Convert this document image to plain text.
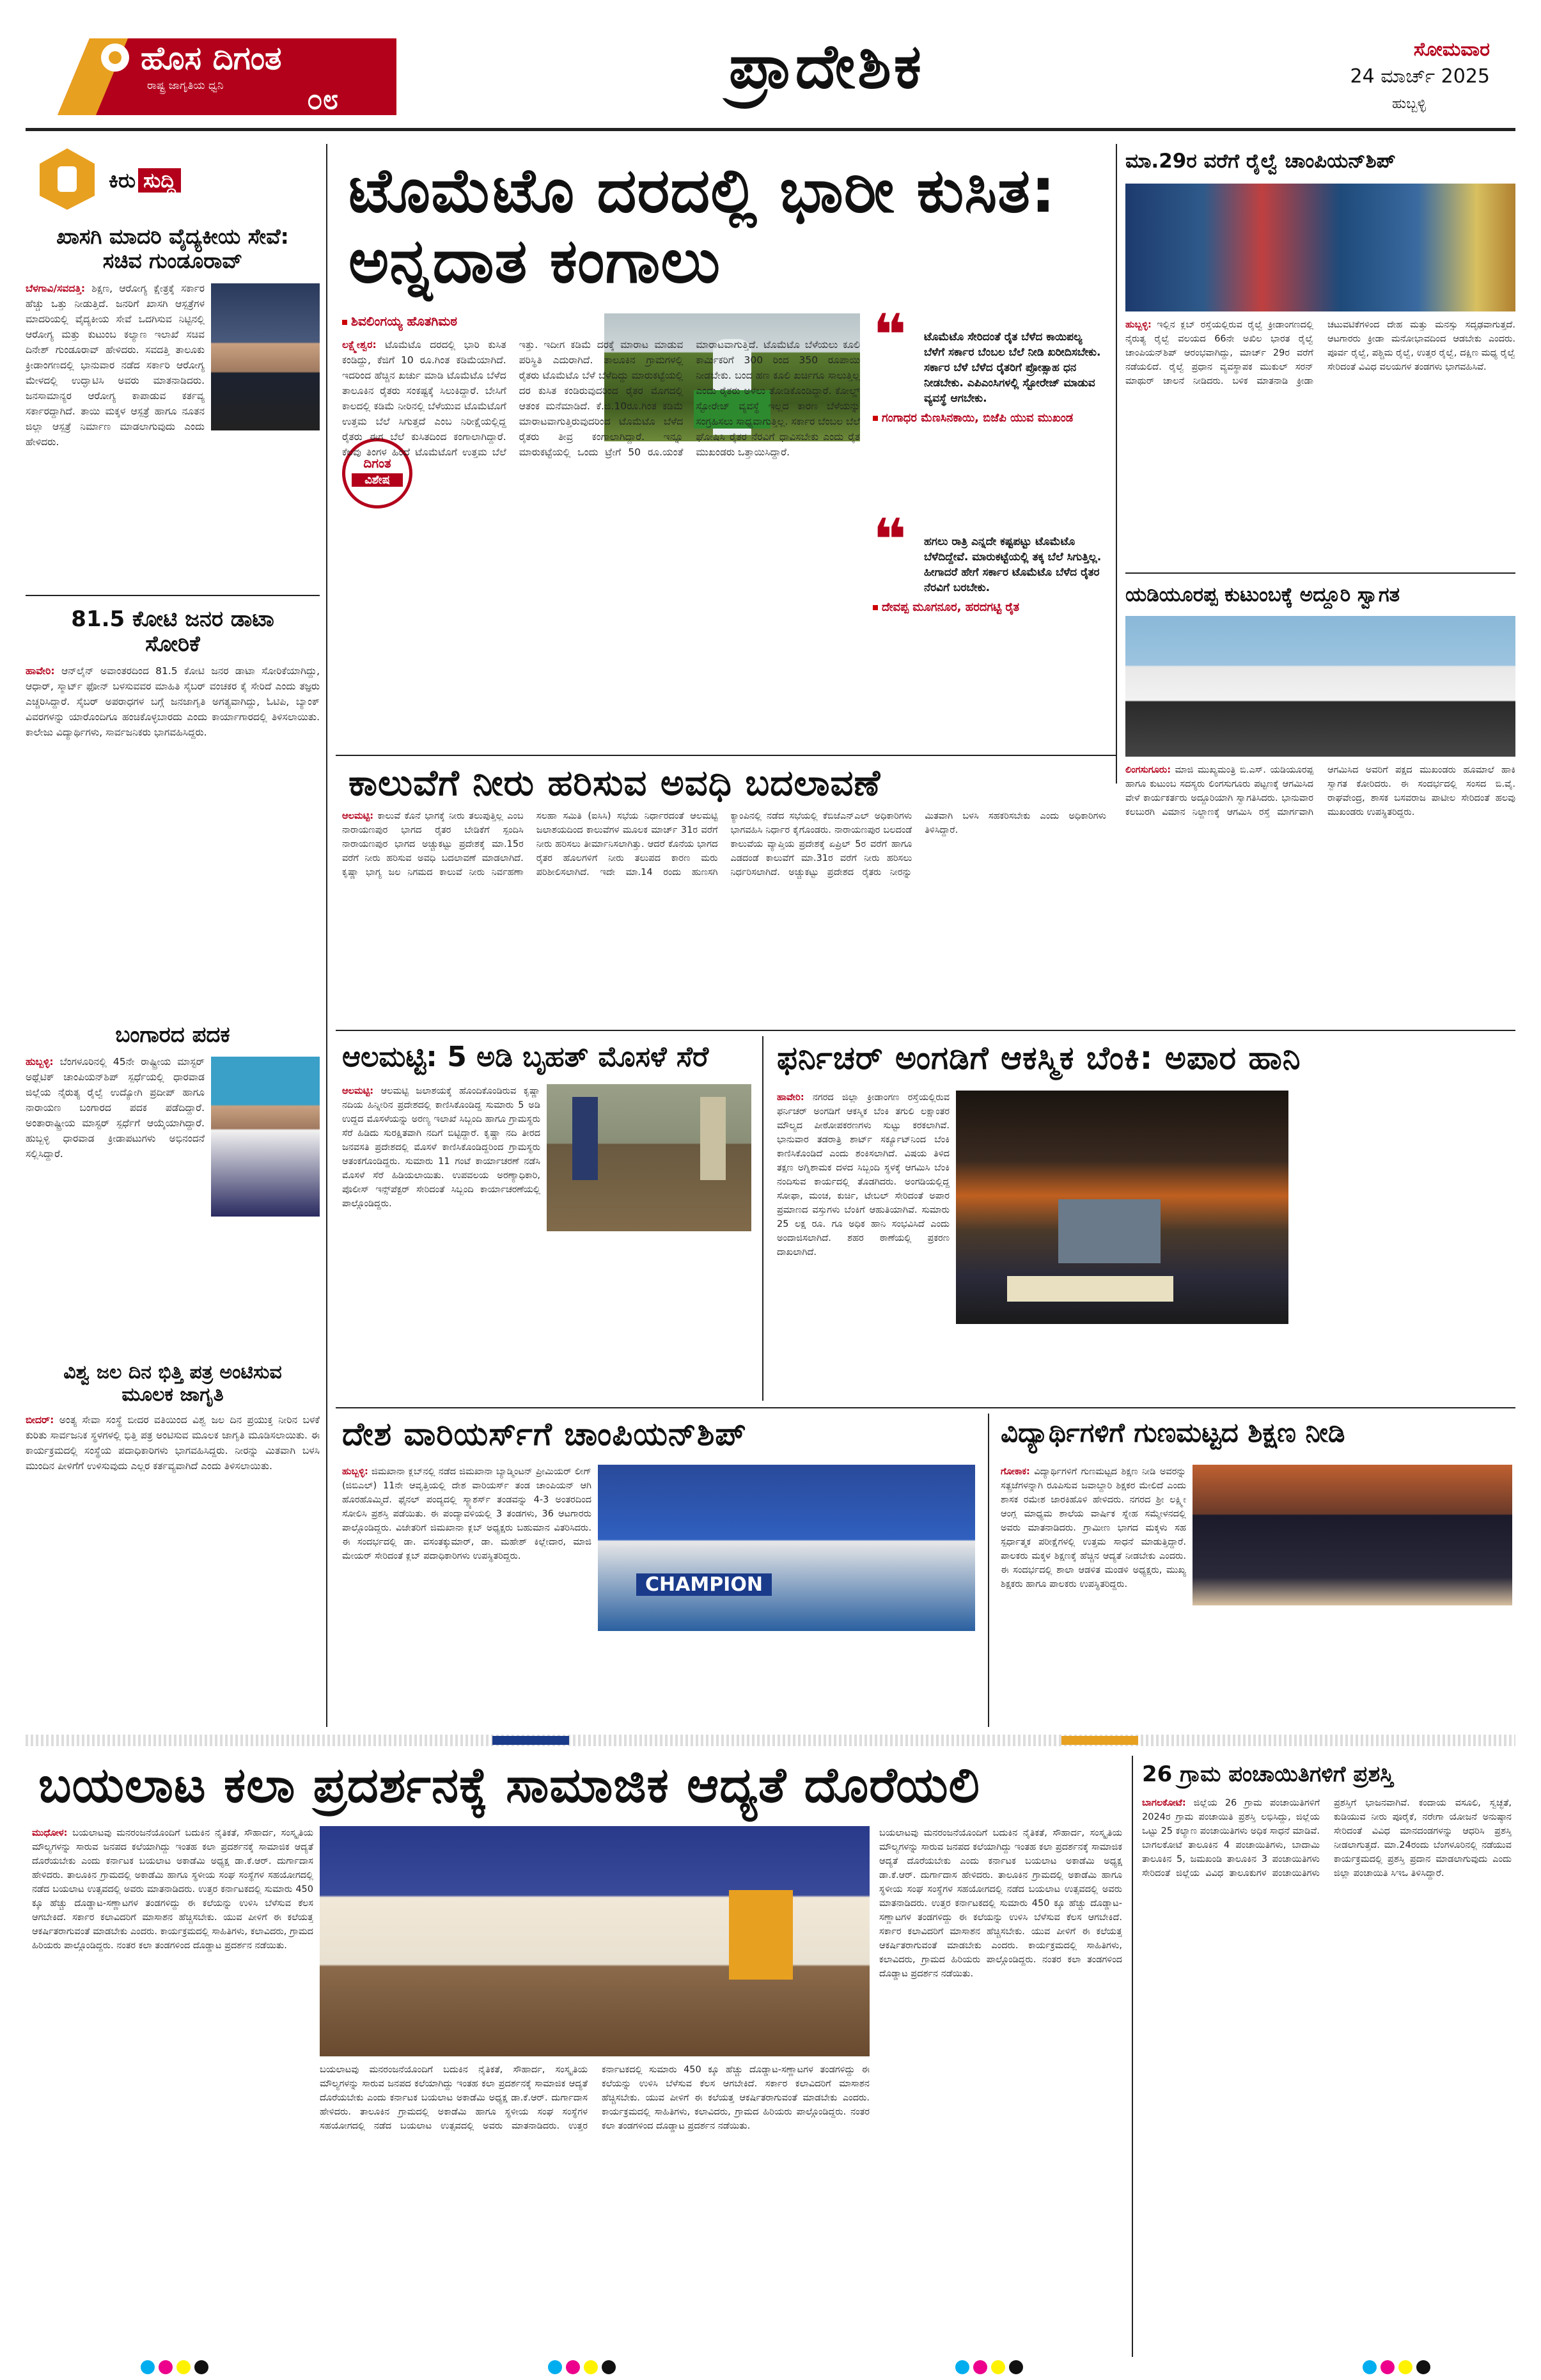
ಹೊಸ ದಿಗಂತ
ರಾಷ್ಟ್ರ ಜಾಗೃತಿಯ ಧ್ವನಿ	೦೮	ಪ್ರಾದೇಶಿಕ	ಸೋಮವಾರ
24 ಮಾರ್ಚ್ 2025
ಹುಬ್ಬಳ್ಳಿ
ಕಿರು ಸುದ್ದಿ
ಖಾಸಗಿ ಮಾದರಿ ವೈದ್ಯಕೀಯ ಸೇವೆ: ಸಚಿವ ಗುಂಡೂರಾವ್
ಬೆಳಗಾವಿ/ಸವದತ್ತಿ: ಶಿಕ್ಷಣ, ಆರೋಗ್ಯ ಕ್ಷೇತ್ರಕ್ಕೆ ಸರ್ಕಾರ ಹೆಚ್ಚು ಒತ್ತು ನೀಡುತ್ತಿದೆ. ಜನರಿಗೆ ಖಾಸಗಿ ಆಸ್ಪತ್ರೆಗಳ ಮಾದರಿಯಲ್ಲಿ ವೈದ್ಯಕೀಯ ಸೇವೆ ಒದಗಿಸುವ ನಿಟ್ಟಿನಲ್ಲಿ ಆರೋಗ್ಯ ಮತ್ತು ಕುಟುಂಬ ಕಲ್ಯಾಣ ಇಲಾಖೆ ಸಚಿವ ದಿನೇಶ್ ಗುಂಡೂರಾವ್ ಹೇಳಿದರು. ಸವದತ್ತಿ ತಾಲೂಕು ಕ್ರೀಡಾಂಗಣದಲ್ಲಿ ಭಾನುವಾರ ನಡೆದ ಸರ್ಕಾರಿ ಆರೋಗ್ಯ ಮೇಳದಲ್ಲಿ ಉದ್ಘಾಟಿಸಿ ಅವರು ಮಾತನಾಡಿದರು. ಜನಸಾಮಾನ್ಯರ ಆರೋಗ್ಯ ಕಾಪಾಡುವ ಕರ್ತವ್ಯ ಸರ್ಕಾರದ್ದಾಗಿದೆ. ತಾಯಿ ಮಕ್ಕಳ ಆಸ್ಪತ್ರೆ ಹಾಗೂ ನೂತನ ಜಿಲ್ಲಾ ಆಸ್ಪತ್ರೆ ನಿರ್ಮಾಣ ಮಾಡಲಾಗುವುದು ಎಂದು ಹೇಳಿದರು.
81.5 ಕೋಟಿ ಜನರ ಡಾಟಾ ಸೋರಿಕೆ
ಹಾವೇರಿ: ಆನ್‌ಲೈನ್ ಅವಾಂತರದಿಂದ 81.5 ಕೋಟಿ ಜನರ ಡಾಟಾ ಸೋರಿಕೆಯಾಗಿದ್ದು, ಆಧಾರ್, ಸ್ಮಾರ್ಟ್ ಫೋನ್ ಬಳಸುವವರ ಮಾಹಿತಿ ಸೈಬರ್ ವಂಚಕರ ಕೈ ಸೇರಿದೆ ಎಂದು ತಜ್ಞರು ಎಚ್ಚರಿಸಿದ್ದಾರೆ. ಸೈಬರ್ ಅಪರಾಧಗಳ ಬಗ್ಗೆ ಜನಜಾಗೃತಿ ಅಗತ್ಯವಾಗಿದ್ದು, ಓಟಿಪಿ, ಬ್ಯಾಂಕ್ ವಿವರಗಳನ್ನು ಯಾರೊಂದಿಗೂ ಹಂಚಿಕೊಳ್ಳಬಾರದು ಎಂದು ಕಾರ್ಯಾಗಾರದಲ್ಲಿ ತಿಳಿಸಲಾಯಿತು. ಕಾಲೇಜು ವಿದ್ಯಾರ್ಥಿಗಳು, ಸಾರ್ವಜನಿಕರು ಭಾಗವಹಿಸಿದ್ದರು.
ಬಂಗಾರದ ಪದಕ
ಹುಬ್ಬಳ್ಳಿ: ಬೆಂಗಳೂರಿನಲ್ಲಿ 45ನೇ ರಾಷ್ಟ್ರೀಯ ಮಾಸ್ಟರ್ ಅಥ್ಲೆಟಿಕ್ ಚಾಂಪಿಯನ್‌ಶಿಪ್ ಸ್ಪರ್ಧೆಯಲ್ಲಿ ಧಾರವಾಡ ಜಿಲ್ಲೆಯ ನೈರುತ್ಯ ರೈಲ್ವೆ ಉದ್ಯೋಗಿ ಪ್ರದೀಪ್ ಹಾಗೂ ನಾರಾಯಣ ಬಂಗಾರದ ಪದಕ ಪಡೆದಿದ್ದಾರೆ. ಅಂತಾರಾಷ್ಟ್ರೀಯ ಮಾಸ್ಟರ್ ಸ್ಪರ್ಧೆಗೆ ಆಯ್ಕೆಯಾಗಿದ್ದಾರೆ. ಹುಬ್ಬಳ್ಳಿ ಧಾರವಾಡ ಕ್ರೀಡಾಪಟುಗಳು ಅಭಿನಂದನೆ ಸಲ್ಲಿಸಿದ್ದಾರೆ.
ವಿಶ್ವ ಜಲ ದಿನ ಭಿತ್ತಿ ಪತ್ರ ಅಂಟಿಸುವ ಮೂಲಕ ಜಾಗೃತಿ
ಬೀದರ್: ಅಂತ್ಯ ಸೇವಾ ಸಂಸ್ಥೆ ಬೀದರ ವತಿಯಿಂದ ವಿಶ್ವ ಜಲ ದಿನ ಪ್ರಯುಕ್ತ ನೀರಿನ ಬಳಕೆ ಕುರಿತು ಸಾರ್ವಜನಿಕ ಸ್ಥಳಗಳಲ್ಲಿ ಭಿತ್ತಿ ಪತ್ರ ಅಂಟಿಸುವ ಮೂಲಕ ಜಾಗೃತಿ ಮೂಡಿಸಲಾಯಿತು. ಈ ಕಾರ್ಯಕ್ರಮದಲ್ಲಿ ಸಂಸ್ಥೆಯ ಪದಾಧಿಕಾರಿಗಳು ಭಾಗವಹಿಸಿದ್ದರು. ನೀರನ್ನು ಮಿತವಾಗಿ ಬಳಸಿ ಮುಂದಿನ ಪೀಳಿಗೆಗೆ ಉಳಿಸುವುದು ಎಲ್ಲರ ಕರ್ತವ್ಯವಾಗಿದೆ ಎಂದು ತಿಳಿಸಲಾಯಿತು.
ಟೊಮೆಟೊ ದರದಲ್ಲಿ ಭಾರೀ ಕುಸಿತ: ಅನ್ನದಾತ ಕಂಗಾಲು
ಶಿವಲಿಂಗಯ್ಯ ಹೊತಗಿಮಠ
ದಿಗಂತ
ವಿಶೇಷ
ಲಕ್ಷ್ಮೇಶ್ವರ: ಟೊಮೆಟೊ ದರದಲ್ಲಿ ಭಾರಿ ಕುಸಿತ ಕಂಡಿದ್ದು, ಕೆಜಿಗೆ 10 ರೂ.ಗಿಂತ ಕಡಿಮೆಯಾಗಿದೆ. ಇದರಿಂದ ಹೆಚ್ಚಿನ ಖರ್ಚು ಮಾಡಿ ಟೊಮೆಟೊ ಬೆಳೆದ ತಾಲೂಕಿನ ರೈತರು ಸಂಕಷ್ಟಕ್ಕೆ ಸಿಲುಕಿದ್ದಾರೆ. ಬೇಸಿಗೆ ಕಾಲದಲ್ಲಿ ಕಡಿಮೆ ನೀರಿನಲ್ಲಿ ಬೆಳೆಯುವ ಟೊಮೆಟೊಗೆ ಉತ್ತಮ ಬೆಲೆ ಸಿಗುತ್ತದೆ ಎಂಬ ನಿರೀಕ್ಷೆಯಲ್ಲಿದ್ದ ರೈತರು ಈಗ ಬೆಲೆ ಕುಸಿತದಿಂದ ಕಂಗಾಲಾಗಿದ್ದಾರೆ. ಕೆಲವು ತಿಂಗಳ ಹಿಂದೆ ಟೊಮೆಟೊಗೆ ಉತ್ತಮ ಬೆಲೆ ಇತ್ತು. ಇದೀಗ ಕಡಿಮೆ ದರಕ್ಕೆ ಮಾರಾಟ ಮಾಡುವ ಪರಿಸ್ಥಿತಿ ಎದುರಾಗಿದೆ. ತಾಲೂಕಿನ ಗ್ರಾಮಗಳಲ್ಲಿ ರೈತರು ಟೊಮೆಟೊ ಬೆಳೆ ಬೆಳೆದಿದ್ದು ಮಾರುಕಟ್ಟೆಯಲ್ಲಿ ದರ ಕುಸಿತ ಕಂಡಿರುವುದರಿಂದ ರೈತರ ಮೊಗದಲ್ಲಿ ಆತಂಕ ಮನೆಮಾಡಿದೆ. ಕೆ.ಜಿ.10ರೂ.ಗಿಂತ ಕಡಿಮೆ ಮಾರಾಟವಾಗುತ್ತಿರುವುದರಿಂದ ಟೊಮೆಟೊ ಬೆಳೆದ ರೈತರು ತೀವ್ರ ಕಂಗಾಲಾಗಿದ್ದಾರೆ. ಇನ್ನೂ ಮಾರುಕಟ್ಟೆಯಲ್ಲಿ ಒಂದು ಟ್ರೇಗೆ 50 ರೂ.ಯಂತೆ ಮಾರಾಟವಾಗುತ್ತಿದೆ. ಟೊಮೆಟೊ ಬೆಳೆಯಲು ಕೂಲಿ ಕಾರ್ಮಿಕರಿಗೆ 300 ರಿಂದ 350 ರೂಪಾಯಿ ನೀಡಬೇಕು. ಬಂದ ಹಣ ಕೂಲಿ ಖರ್ಚಿಗೂ ಸಾಲುತ್ತಿಲ್ಲ ಎಂದು ರೈತರು ಅಳಲು ತೋಡಿಕೊಂಡಿದ್ದಾರೆ. ಕೋಲ್ಡ್ ಸ್ಟೋರೇಜ್ ವ್ಯವಸ್ಥೆ ಇಲ್ಲದ ಕಾರಣ ಬೆಳೆಯನ್ನು ಸಂಗ್ರಹಿಸಲು ಸಾಧ್ಯವಾಗುತ್ತಿಲ್ಲ. ಸರ್ಕಾರ ಬೆಂಬಲ ಬೆಲೆ ಘೋಷಿಸಿ ರೈತರ ನೆರವಿಗೆ ಧಾವಿಸಬೇಕು ಎಂದು ರೈತ ಮುಖಂಡರು ಒತ್ತಾಯಿಸಿದ್ದಾರೆ.
❝	ಟೊಮೆಟೊ ಸೇರಿದಂತೆ ರೈತ ಬೆಳೆದ ಕಾಯಿಪಲ್ಯ ಬೆಳೆಗೆ ಸರ್ಕಾರ ಬೆಂಬಲ ಬೆಲೆ ನೀಡಿ ಖರೀದಿಸಬೇಕು. ಸರ್ಕಾರ ಬೆಳೆ ಬೆಳೆದ ರೈತರಿಗೆ ಪ್ರೋತ್ಸಾಹ ಧನ ನೀಡಬೇಕು. ಎಪಿಎಂಸಿಗಳಲ್ಲಿ ಸ್ಟೋರೇಜ್ ಮಾಡುವ ವ್ಯವಸ್ಥೆ ಆಗಬೇಕು.
ಗಂಗಾಧರ ಮೆಣಸಿನಕಾಯಿ, ಬಿಜೆಪಿ ಯುವ ಮುಖಂಡ
❝	ಹಗಲು ರಾತ್ರಿ ಎನ್ನದೇ ಕಷ್ಟಪಟ್ಟು ಟೊಮೆಟೊ ಬೆಳೆದಿದ್ದೇವೆ. ಮಾರುಕಟ್ಟೆಯಲ್ಲಿ ತಕ್ಕ ಬೆಲೆ ಸಿಗುತ್ತಿಲ್ಲ. ಹೀಗಾದರೆ ಹೇಗೆ ಸರ್ಕಾರ ಟೊಮೆಟೊ ಬೆಳೆದ ರೈತರ ನೆರವಿಗೆ ಬರಬೇಕು.
ದೇವಪ್ಪ ಮೂಗನೂರ, ಹರದಗಟ್ಟಿ ರೈತ
ಮಾ.29ರ ವರೆಗೆ ರೈಲ್ವೆ ಚಾಂಪಿಯನ್‌ಶಿಪ್
ಹುಬ್ಬಳ್ಳಿ: ಇಲ್ಲಿನ ಕ್ಲಬ್ ರಸ್ತೆಯಲ್ಲಿರುವ ರೈಲ್ವೆ ಕ್ರೀಡಾಂಗಣದಲ್ಲಿ ನೈರುತ್ಯ ರೈಲ್ವೆ ವಲಯದ 66ನೇ ಅಖಿಲ ಭಾರತ ರೈಲ್ವೆ ಚಾಂಪಿಯನ್‌ಶಿಪ್ ಆರಂಭವಾಗಿದ್ದು, ಮಾರ್ಚ್ 29ರ ವರೆಗೆ ನಡೆಯಲಿದೆ. ರೈಲ್ವೆ ಪ್ರಧಾನ ವ್ಯವಸ್ಥಾಪಕ ಮುಕುಲ್ ಸರನ್ ಮಾಥುರ್ ಚಾಲನೆ ನೀಡಿದರು. ಬಳಿಕ ಮಾತನಾಡಿ ಕ್ರೀಡಾ ಚಟುವಟಿಕೆಗಳಿಂದ ದೇಹ ಮತ್ತು ಮನಸ್ಸು ಸದೃಢವಾಗುತ್ತದೆ. ಆಟಗಾರರು ಕ್ರೀಡಾ ಮನೋಭಾವದಿಂದ ಆಡಬೇಕು ಎಂದರು. ಪೂರ್ವ ರೈಲ್ವೆ, ಪಶ್ಚಿಮ ರೈಲ್ವೆ, ಉತ್ತರ ರೈಲ್ವೆ, ದಕ್ಷಿಣ ಮಧ್ಯ ರೈಲ್ವೆ ಸೇರಿದಂತೆ ವಿವಿಧ ವಲಯಗಳ ತಂಡಗಳು ಭಾಗವಹಿಸಿವೆ.
ಯಡಿಯೂರಪ್ಪ ಕುಟುಂಬಕ್ಕೆ ಅದ್ದೂರಿ ಸ್ವಾಗತ
ಲಿಂಗಸುಗೂರು: ಮಾಜಿ ಮುಖ್ಯಮಂತ್ರಿ ಬಿ.ಎಸ್. ಯಡಿಯೂರಪ್ಪ ಹಾಗೂ ಕುಟುಂಬ ಸದಸ್ಯರು ಲಿಂಗಸುಗೂರು ಪಟ್ಟಣಕ್ಕೆ ಆಗಮಿಸಿದ ವೇಳೆ ಕಾರ್ಯಕರ್ತರು ಅದ್ದೂರಿಯಾಗಿ ಸ್ವಾಗತಿಸಿದರು. ಭಾನುವಾರ ಕಲಬುರಗಿ ವಿಮಾನ ನಿಲ್ದಾಣಕ್ಕೆ ಆಗಮಿಸಿ ರಸ್ತೆ ಮಾರ್ಗವಾಗಿ ಆಗಮಿಸಿದ ಅವರಿಗೆ ಪಕ್ಷದ ಮುಖಂಡರು ಹೂಮಾಲೆ ಹಾಕಿ ಸ್ವಾಗತ ಕೋರಿದರು. ಈ ಸಂದರ್ಭದಲ್ಲಿ ಸಂಸದ ಬಿ.ವೈ. ರಾಘವೇಂದ್ರ, ಶಾಸಕ ಬಸವರಾಜ ಪಾಟೀಲ ಸೇರಿದಂತೆ ಹಲವು ಮುಖಂಡರು ಉಪಸ್ಥಿತರಿದ್ದರು.
ಕಾಲುವೆಗೆ ನೀರು ಹರಿಸುವ ಅವಧಿ ಬದಲಾವಣೆ
ಆಲಮಟ್ಟಿ: ಕಾಲುವೆ ಕೊನೆ ಭಾಗಕ್ಕೆ ನೀರು ತಲುಪುತ್ತಿಲ್ಲ ಎಂಬ ನಾರಾಯಣಪುರ ಭಾಗದ ರೈತರ ಬೇಡಿಕೆಗೆ ಸ್ಪಂದಿಸಿ ನಾರಾಯಣಪುರ ಭಾಗದ ಅಚ್ಚುಕಟ್ಟು ಪ್ರದೇಶಕ್ಕೆ ಮಾ.15ರ ವರೆಗೆ ನೀರು ಹರಿಸುವ ಅವಧಿ ಬದಲಾವಣೆ ಮಾಡಲಾಗಿದೆ. ಕೃಷ್ಣಾ ಭಾಗ್ಯ ಜಲ ನಿಗಮದ ಕಾಲುವೆ ನೀರು ನಿರ್ವಹಣಾ ಸಲಹಾ ಸಮಿತಿ (ಐಸಿಸಿ) ಸಭೆಯ ನಿರ್ಧಾರದಂತೆ ಆಲಮಟ್ಟಿ ಜಲಾಶಯದಿಂದ ಕಾಲುವೆಗಳ ಮೂಲಕ ಮಾರ್ಚ್ 31ರ ವರೆಗೆ ನೀರು ಹರಿಸಲು ತೀರ್ಮಾನಿಸಲಾಗಿತ್ತು. ಆದರೆ ಕೊನೆಯ ಭಾಗದ ರೈತರ ಹೊಲಗಳಿಗೆ ನೀರು ತಲುಪದ ಕಾರಣ ಮರು ಪರಿಶೀಲಿಸಲಾಗಿದೆ. ಇದೇ ಮಾ.14 ರಂದು ಹುಣಸಗಿ ಕ್ಯಾಂಪಿನಲ್ಲಿ ನಡೆದ ಸಭೆಯಲ್ಲಿ ಕೆಬಿಜೆಎನ್‌ಎಲ್ ಅಧಿಕಾರಿಗಳು ಭಾಗವಹಿಸಿ ನಿರ್ಧಾರ ಕೈಗೊಂಡರು. ನಾರಾಯಣಪುರ ಬಲದಂಡೆ ಕಾಲುವೆಯ ವ್ಯಾಪ್ತಿಯ ಪ್ರದೇಶಕ್ಕೆ ಏಪ್ರಿಲ್ 5ರ ವರೆಗೆ ಹಾಗೂ ಎಡದಂಡೆ ಕಾಲುವೆಗೆ ಮಾ.31ರ ವರೆಗೆ ನೀರು ಹರಿಸಲು ನಿರ್ಧರಿಸಲಾಗಿದೆ. ಅಚ್ಚುಕಟ್ಟು ಪ್ರದೇಶದ ರೈತರು ನೀರನ್ನು ಮಿತವಾಗಿ ಬಳಸಿ ಸಹಕರಿಸಬೇಕು ಎಂದು ಅಧಿಕಾರಿಗಳು ತಿಳಿಸಿದ್ದಾರೆ.
ಆಲಮಟ್ಟಿ: 5 ಅಡಿ ಬೃಹತ್ ಮೊಸಳೆ ಸೆರೆ
ಆಲಮಟ್ಟಿ: ಆಲಮಟ್ಟಿ ಜಲಾಶಯಕ್ಕೆ ಹೊಂದಿಕೊಂಡಿರುವ ಕೃಷ್ಣಾ ನದಿಯ ಹಿನ್ನೀರಿನ ಪ್ರದೇಶದಲ್ಲಿ ಕಾಣಿಸಿಕೊಂಡಿದ್ದ ಸುಮಾರು 5 ಅಡಿ ಉದ್ದದ ಮೊಸಳೆಯನ್ನು ಅರಣ್ಯ ಇಲಾಖೆ ಸಿಬ್ಬಂದಿ ಹಾಗೂ ಗ್ರಾಮಸ್ಥರು ಸೆರೆ ಹಿಡಿದು ಸುರಕ್ಷಿತವಾಗಿ ನದಿಗೆ ಬಿಟ್ಟಿದ್ದಾರೆ. ಕೃಷ್ಣಾ ನದಿ ತೀರದ ಜನವಸತಿ ಪ್ರದೇಶದಲ್ಲಿ ಮೊಸಳೆ ಕಾಣಿಸಿಕೊಂಡಿದ್ದರಿಂದ ಗ್ರಾಮಸ್ಥರು ಆತಂಕಗೊಂಡಿದ್ದರು. ಸುಮಾರು 11 ಗಂಟೆ ಕಾರ್ಯಾಚರಣೆ ನಡೆಸಿ ಮೊಸಳೆ ಸೆರೆ ಹಿಡಿಯಲಾಯಿತು. ಉಪವಲಯ ಅರಣ್ಯಾಧಿಕಾರಿ, ಪೊಲೀಸ್ ಇನ್ಸ್‌ಪೆಕ್ಟರ್ ಸೇರಿದಂತೆ ಸಿಬ್ಬಂದಿ ಕಾರ್ಯಾಚರಣೆಯಲ್ಲಿ ಪಾಲ್ಗೊಂಡಿದ್ದರು.
ಫರ್ನಿಚರ್ ಅಂಗಡಿಗೆ ಆಕಸ್ಮಿಕ ಬೆಂಕಿ: ಅಪಾರ ಹಾನಿ
ಹಾವೇರಿ: ನಗರದ ಜಿಲ್ಲಾ ಕ್ರೀಡಾಂಗಣ ರಸ್ತೆಯಲ್ಲಿರುವ ಫರ್ನಿಚರ್ ಅಂಗಡಿಗೆ ಆಕಸ್ಮಿಕ ಬೆಂಕಿ ತಗುಲಿ ಲಕ್ಷಾಂತರ ಮೌಲ್ಯದ ಪೀಠೋಪಕರಣಗಳು ಸುಟ್ಟು ಕರಕಲಾಗಿವೆ. ಭಾನುವಾರ ತಡರಾತ್ರಿ ಶಾರ್ಟ್ ಸರ್ಕ್ಯೂಟ್‌ನಿಂದ ಬೆಂಕಿ ಕಾಣಿಸಿಕೊಂಡಿದೆ ಎಂದು ಶಂಕಿಸಲಾಗಿದೆ. ವಿಷಯ ತಿಳಿದ ತಕ್ಷಣ ಅಗ್ನಿಶಾಮಕ ದಳದ ಸಿಬ್ಬಂದಿ ಸ್ಥಳಕ್ಕೆ ಆಗಮಿಸಿ ಬೆಂಕಿ ನಂದಿಸುವ ಕಾರ್ಯದಲ್ಲಿ ತೊಡಗಿದರು. ಅಂಗಡಿಯಲ್ಲಿದ್ದ ಸೋಫಾ, ಮಂಚ, ಕುರ್ಚಿ, ಟೇಬಲ್ ಸೇರಿದಂತೆ ಅಪಾರ ಪ್ರಮಾಣದ ವಸ್ತುಗಳು ಬೆಂಕಿಗೆ ಆಹುತಿಯಾಗಿವೆ. ಸುಮಾರು 25 ಲಕ್ಷ ರೂ. ಗೂ ಅಧಿಕ ಹಾನಿ ಸಂಭವಿಸಿದೆ ಎಂದು ಅಂದಾಜಿಸಲಾಗಿದೆ. ಶಹರ ಠಾಣೆಯಲ್ಲಿ ಪ್ರಕರಣ ದಾಖಲಾಗಿದೆ.
ದೇಶ ವಾರಿಯರ್ಸ್‌ಗೆ ಚಾಂಪಿಯನ್‌ಶಿಪ್
CHAMPION
ಹುಬ್ಬಳ್ಳಿ: ಜಿಮಖಾನಾ ಕ್ಲಬ್‌ನಲ್ಲಿ ನಡೆದ ಜಿಮಖಾನಾ ಬ್ಯಾಡ್ಮಿಂಟನ್ ಪ್ರೀಮಿಯರ್ ಲೀಗ್ (ಜಿಬಿಎಲ್) 11ನೇ ಆವೃತ್ತಿಯಲ್ಲಿ ದೇಶ ವಾರಿಯರ್ಸ್ ತಂಡ ಚಾಂಪಿಯನ್ ಆಗಿ ಹೊರಹೊಮ್ಮಿದೆ. ಫೈನಲ್ ಪಂದ್ಯದಲ್ಲಿ ಸ್ಮ್ಯಾಶರ್ಸ್ ತಂಡವನ್ನು 4-3 ಅಂತರದಿಂದ ಸೋಲಿಸಿ ಪ್ರಶಸ್ತಿ ಪಡೆಯಿತು. ಈ ಪಂದ್ಯಾವಳಿಯಲ್ಲಿ 3 ತಂಡಗಳು, 36 ಆಟಗಾರರು ಪಾಲ್ಗೊಂಡಿದ್ದರು. ವಿಜೇತರಿಗೆ ಜಿಮಖಾನಾ ಕ್ಲಬ್ ಅಧ್ಯಕ್ಷರು ಬಹುಮಾನ ವಿತರಿಸಿದರು. ಈ ಸಂದರ್ಭದಲ್ಲಿ ಡಾ. ವಸಂತಕ್ಕುಮಾರ್, ಡಾ. ಮಹೇಶ್ ಕಿಲ್ಲೇದಾರ, ಮಾಜಿ ಮೇಯರ್ ಸೇರಿದಂತೆ ಕ್ಲಬ್ ಪದಾಧಿಕಾರಿಗಳು ಉಪಸ್ಥಿತರಿದ್ದರು.
ವಿದ್ಯಾರ್ಥಿಗಳಿಗೆ ಗುಣಮಟ್ಟದ ಶಿಕ್ಷಣ ನೀಡಿ
ಗೋಕಾಕ: ವಿದ್ಯಾರ್ಥಿಗಳಿಗೆ ಗುಣಮಟ್ಟದ ಶಿಕ್ಷಣ ನೀಡಿ ಅವರನ್ನು ಸತ್ಪ್ರಜೆಗಳನ್ನಾಗಿ ರೂಪಿಸುವ ಜವಾಬ್ದಾರಿ ಶಿಕ್ಷಕರ ಮೇಲಿದೆ ಎಂದು ಶಾಸಕ ರಮೇಶ ಜಾರಕಿಹೊಳಿ ಹೇಳಿದರು. ನಗರದ ಶ್ರೀ ಲಕ್ಷ್ಮೀ ಆಂಗ್ಲ ಮಾಧ್ಯಮ ಶಾಲೆಯ ವಾರ್ಷಿಕ ಸ್ನೇಹ ಸಮ್ಮೇಳನದಲ್ಲಿ ಅವರು ಮಾತನಾಡಿದರು. ಗ್ರಾಮೀಣ ಭಾಗದ ಮಕ್ಕಳು ಸಹ ಸ್ಪರ್ಧಾತ್ಮಕ ಪರೀಕ್ಷೆಗಳಲ್ಲಿ ಉತ್ತಮ ಸಾಧನೆ ಮಾಡುತ್ತಿದ್ದಾರೆ. ಪಾಲಕರು ಮಕ್ಕಳ ಶಿಕ್ಷಣಕ್ಕೆ ಹೆಚ್ಚಿನ ಆದ್ಯತೆ ನೀಡಬೇಕು ಎಂದರು. ಈ ಸಂದರ್ಭದಲ್ಲಿ ಶಾಲಾ ಆಡಳಿತ ಮಂಡಳಿ ಅಧ್ಯಕ್ಷರು, ಮುಖ್ಯ ಶಿಕ್ಷಕರು ಹಾಗೂ ಪಾಲಕರು ಉಪಸ್ಥಿತರಿದ್ದರು.
ಬಯಲಾಟ ಕಲಾ ಪ್ರದರ್ಶನಕ್ಕೆ ಸಾಮಾಜಿಕ ಆದ್ಯತೆ ದೊರೆಯಲಿ
ಮುಧೋಳ: ಬಯಲಾಟವು ಮನರಂಜನೆಯೊಂದಿಗೆ ಬದುಕಿನ ನೈತಿಕತೆ, ಸೌಹಾರ್ದ, ಸಂಸ್ಕೃತಿಯ ಮೌಲ್ಯಗಳನ್ನು ಸಾರುವ ಜನಪದ ಕಲೆಯಾಗಿದ್ದು ಇಂತಹ ಕಲಾ ಪ್ರದರ್ಶನಕ್ಕೆ ಸಾಮಾಜಿಕ ಆದ್ಯತೆ ದೊರೆಯಬೇಕು ಎಂದು ಕರ್ನಾಟಕ ಬಯಲಾಟ ಅಕಾಡೆಮಿ ಅಧ್ಯಕ್ಷ ಡಾ.ಕೆ.ಆರ್. ದುರ್ಗಾದಾಸ ಹೇಳಿದರು. ತಾಲೂಕಿನ ಗ್ರಾಮದಲ್ಲಿ ಅಕಾಡೆಮಿ ಹಾಗೂ ಸ್ಥಳೀಯ ಸಂಘ ಸಂಸ್ಥೆಗಳ ಸಹಯೋಗದಲ್ಲಿ ನಡೆದ ಬಯಲಾಟ ಉತ್ಸವದಲ್ಲಿ ಅವರು ಮಾತನಾಡಿದರು. ಉತ್ತರ ಕರ್ನಾಟಕದಲ್ಲಿ ಸುಮಾರು 450 ಕ್ಕೂ ಹೆಚ್ಚು ದೊಡ್ಡಾಟ-ಸಣ್ಣಾಟಗಳ ತಂಡಗಳಿದ್ದು ಈ ಕಲೆಯನ್ನು ಉಳಿಸಿ ಬೆಳೆಸುವ ಕೆಲಸ ಆಗಬೇಕಿದೆ. ಸರ್ಕಾರ ಕಲಾವಿದರಿಗೆ ಮಾಸಾಶನ ಹೆಚ್ಚಿಸಬೇಕು. ಯುವ ಪೀಳಿಗೆ ಈ ಕಲೆಯತ್ತ ಆಕರ್ಷಿತರಾಗುವಂತೆ ಮಾಡಬೇಕು ಎಂದರು. ಕಾರ್ಯಕ್ರಮದಲ್ಲಿ ಸಾಹಿತಿಗಳು, ಕಲಾವಿದರು, ಗ್ರಾಮದ ಹಿರಿಯರು ಪಾಲ್ಗೊಂಡಿದ್ದರು. ನಂತರ ಕಲಾ ತಂಡಗಳಿಂದ ದೊಡ್ಡಾಟ ಪ್ರದರ್ಶನ ನಡೆಯಿತು.
ಬಯಲಾಟವು ಮನರಂಜನೆಯೊಂದಿಗೆ ಬದುಕಿನ ನೈತಿಕತೆ, ಸೌಹಾರ್ದ, ಸಂಸ್ಕೃತಿಯ ಮೌಲ್ಯಗಳನ್ನು ಸಾರುವ ಜನಪದ ಕಲೆಯಾಗಿದ್ದು ಇಂತಹ ಕಲಾ ಪ್ರದರ್ಶನಕ್ಕೆ ಸಾಮಾಜಿಕ ಆದ್ಯತೆ ದೊರೆಯಬೇಕು ಎಂದು ಕರ್ನಾಟಕ ಬಯಲಾಟ ಅಕಾಡೆಮಿ ಅಧ್ಯಕ್ಷ ಡಾ.ಕೆ.ಆರ್. ದುರ್ಗಾದಾಸ ಹೇಳಿದರು. ತಾಲೂಕಿನ ಗ್ರಾಮದಲ್ಲಿ ಅಕಾಡೆಮಿ ಹಾಗೂ ಸ್ಥಳೀಯ ಸಂಘ ಸಂಸ್ಥೆಗಳ ಸಹಯೋಗದಲ್ಲಿ ನಡೆದ ಬಯಲಾಟ ಉತ್ಸವದಲ್ಲಿ ಅವರು ಮಾತನಾಡಿದರು. ಉತ್ತರ ಕರ್ನಾಟಕದಲ್ಲಿ ಸುಮಾರು 450 ಕ್ಕೂ ಹೆಚ್ಚು ದೊಡ್ಡಾಟ-ಸಣ್ಣಾಟಗಳ ತಂಡಗಳಿದ್ದು ಈ ಕಲೆಯನ್ನು ಉಳಿಸಿ ಬೆಳೆಸುವ ಕೆಲಸ ಆಗಬೇಕಿದೆ. ಸರ್ಕಾರ ಕಲಾವಿದರಿಗೆ ಮಾಸಾಶನ ಹೆಚ್ಚಿಸಬೇಕು. ಯುವ ಪೀಳಿಗೆ ಈ ಕಲೆಯತ್ತ ಆಕರ್ಷಿತರಾಗುವಂತೆ ಮಾಡಬೇಕು ಎಂದರು. ಕಾರ್ಯಕ್ರಮದಲ್ಲಿ ಸಾಹಿತಿಗಳು, ಕಲಾವಿದರು, ಗ್ರಾಮದ ಹಿರಿಯರು ಪಾಲ್ಗೊಂಡಿದ್ದರು. ನಂತರ ಕಲಾ ತಂಡಗಳಿಂದ ದೊಡ್ಡಾಟ ಪ್ರದರ್ಶನ ನಡೆಯಿತು.
ಬಯಲಾಟವು ಮನರಂಜನೆಯೊಂದಿಗೆ ಬದುಕಿನ ನೈತಿಕತೆ, ಸೌಹಾರ್ದ, ಸಂಸ್ಕೃತಿಯ ಮೌಲ್ಯಗಳನ್ನು ಸಾರುವ ಜನಪದ ಕಲೆಯಾಗಿದ್ದು ಇಂತಹ ಕಲಾ ಪ್ರದರ್ಶನಕ್ಕೆ ಸಾಮಾಜಿಕ ಆದ್ಯತೆ ದೊರೆಯಬೇಕು ಎಂದು ಕರ್ನಾಟಕ ಬಯಲಾಟ ಅಕಾಡೆಮಿ ಅಧ್ಯಕ್ಷ ಡಾ.ಕೆ.ಆರ್. ದುರ್ಗಾದಾಸ ಹೇಳಿದರು. ತಾಲೂಕಿನ ಗ್ರಾಮದಲ್ಲಿ ಅಕಾಡೆಮಿ ಹಾಗೂ ಸ್ಥಳೀಯ ಸಂಘ ಸಂಸ್ಥೆಗಳ ಸಹಯೋಗದಲ್ಲಿ ನಡೆದ ಬಯಲಾಟ ಉತ್ಸವದಲ್ಲಿ ಅವರು ಮಾತನಾಡಿದರು. ಉತ್ತರ ಕರ್ನಾಟಕದಲ್ಲಿ ಸುಮಾರು 450 ಕ್ಕೂ ಹೆಚ್ಚು ದೊಡ್ಡಾಟ-ಸಣ್ಣಾಟಗಳ ತಂಡಗಳಿದ್ದು ಈ ಕಲೆಯನ್ನು ಉಳಿಸಿ ಬೆಳೆಸುವ ಕೆಲಸ ಆಗಬೇಕಿದೆ. ಸರ್ಕಾರ ಕಲಾವಿದರಿಗೆ ಮಾಸಾಶನ ಹೆಚ್ಚಿಸಬೇಕು. ಯುವ ಪೀಳಿಗೆ ಈ ಕಲೆಯತ್ತ ಆಕರ್ಷಿತರಾಗುವಂತೆ ಮಾಡಬೇಕು ಎಂದರು. ಕಾರ್ಯಕ್ರಮದಲ್ಲಿ ಸಾಹಿತಿಗಳು, ಕಲಾವಿದರು, ಗ್ರಾಮದ ಹಿರಿಯರು ಪಾಲ್ಗೊಂಡಿದ್ದರು. ನಂತರ ಕಲಾ ತಂಡಗಳಿಂದ ದೊಡ್ಡಾಟ ಪ್ರದರ್ಶನ ನಡೆಯಿತು.
26 ಗ್ರಾಮ ಪಂಚಾಯಿತಿಗಳಿಗೆ ಪ್ರಶಸ್ತಿ
ಬಾಗಲಕೋಟೆ: ಜಿಲ್ಲೆಯ 26 ಗ್ರಾಮ ಪಂಚಾಯಿತಿಗಳಿಗೆ 2024ರ ಗ್ರಾಮ ಪಂಚಾಯಿತಿ ಪ್ರಶಸ್ತಿ ಲಭಿಸಿದ್ದು, ಜಿಲ್ಲೆಯ ಒಟ್ಟು 25 ಕಲ್ಯಾಣ ಪಂಚಾಯಿತಿಗಳು ಅಧಿಕ ಸಾಧನೆ ಮಾಡಿವೆ. ಬಾಗಲಕೋಟೆ ತಾಲೂಕಿನ 4 ಪಂಚಾಯಿತಿಗಳು, ಬಾದಾಮಿ ತಾಲೂಕಿನ 5, ಜಮಖಂಡಿ ತಾಲೂಕಿನ 3 ಪಂಚಾಯಿತಿಗಳು ಸೇರಿದಂತೆ ಜಿಲ್ಲೆಯ ವಿವಿಧ ತಾಲೂಕುಗಳ ಪಂಚಾಯಿತಿಗಳು ಪ್ರಶಸ್ತಿಗೆ ಭಾಜನವಾಗಿವೆ. ಕಂದಾಯ ವಸೂಲಿ, ಸ್ವಚ್ಛತೆ, ಕುಡಿಯುವ ನೀರು ಪೂರೈಕೆ, ನರೇಗಾ ಯೋಜನೆ ಅನುಷ್ಠಾನ ಸೇರಿದಂತೆ ವಿವಿಧ ಮಾನದಂಡಗಳನ್ನು ಆಧರಿಸಿ ಪ್ರಶಸ್ತಿ ನೀಡಲಾಗುತ್ತದೆ. ಮಾ.24ರಂದು ಬೆಂಗಳೂರಿನಲ್ಲಿ ನಡೆಯುವ ಕಾರ್ಯಕ್ರಮದಲ್ಲಿ ಪ್ರಶಸ್ತಿ ಪ್ರದಾನ ಮಾಡಲಾಗುವುದು ಎಂದು ಜಿಲ್ಲಾ ಪಂಚಾಯಿತಿ ಸಿಇಒ ತಿಳಿಸಿದ್ದಾರೆ.
